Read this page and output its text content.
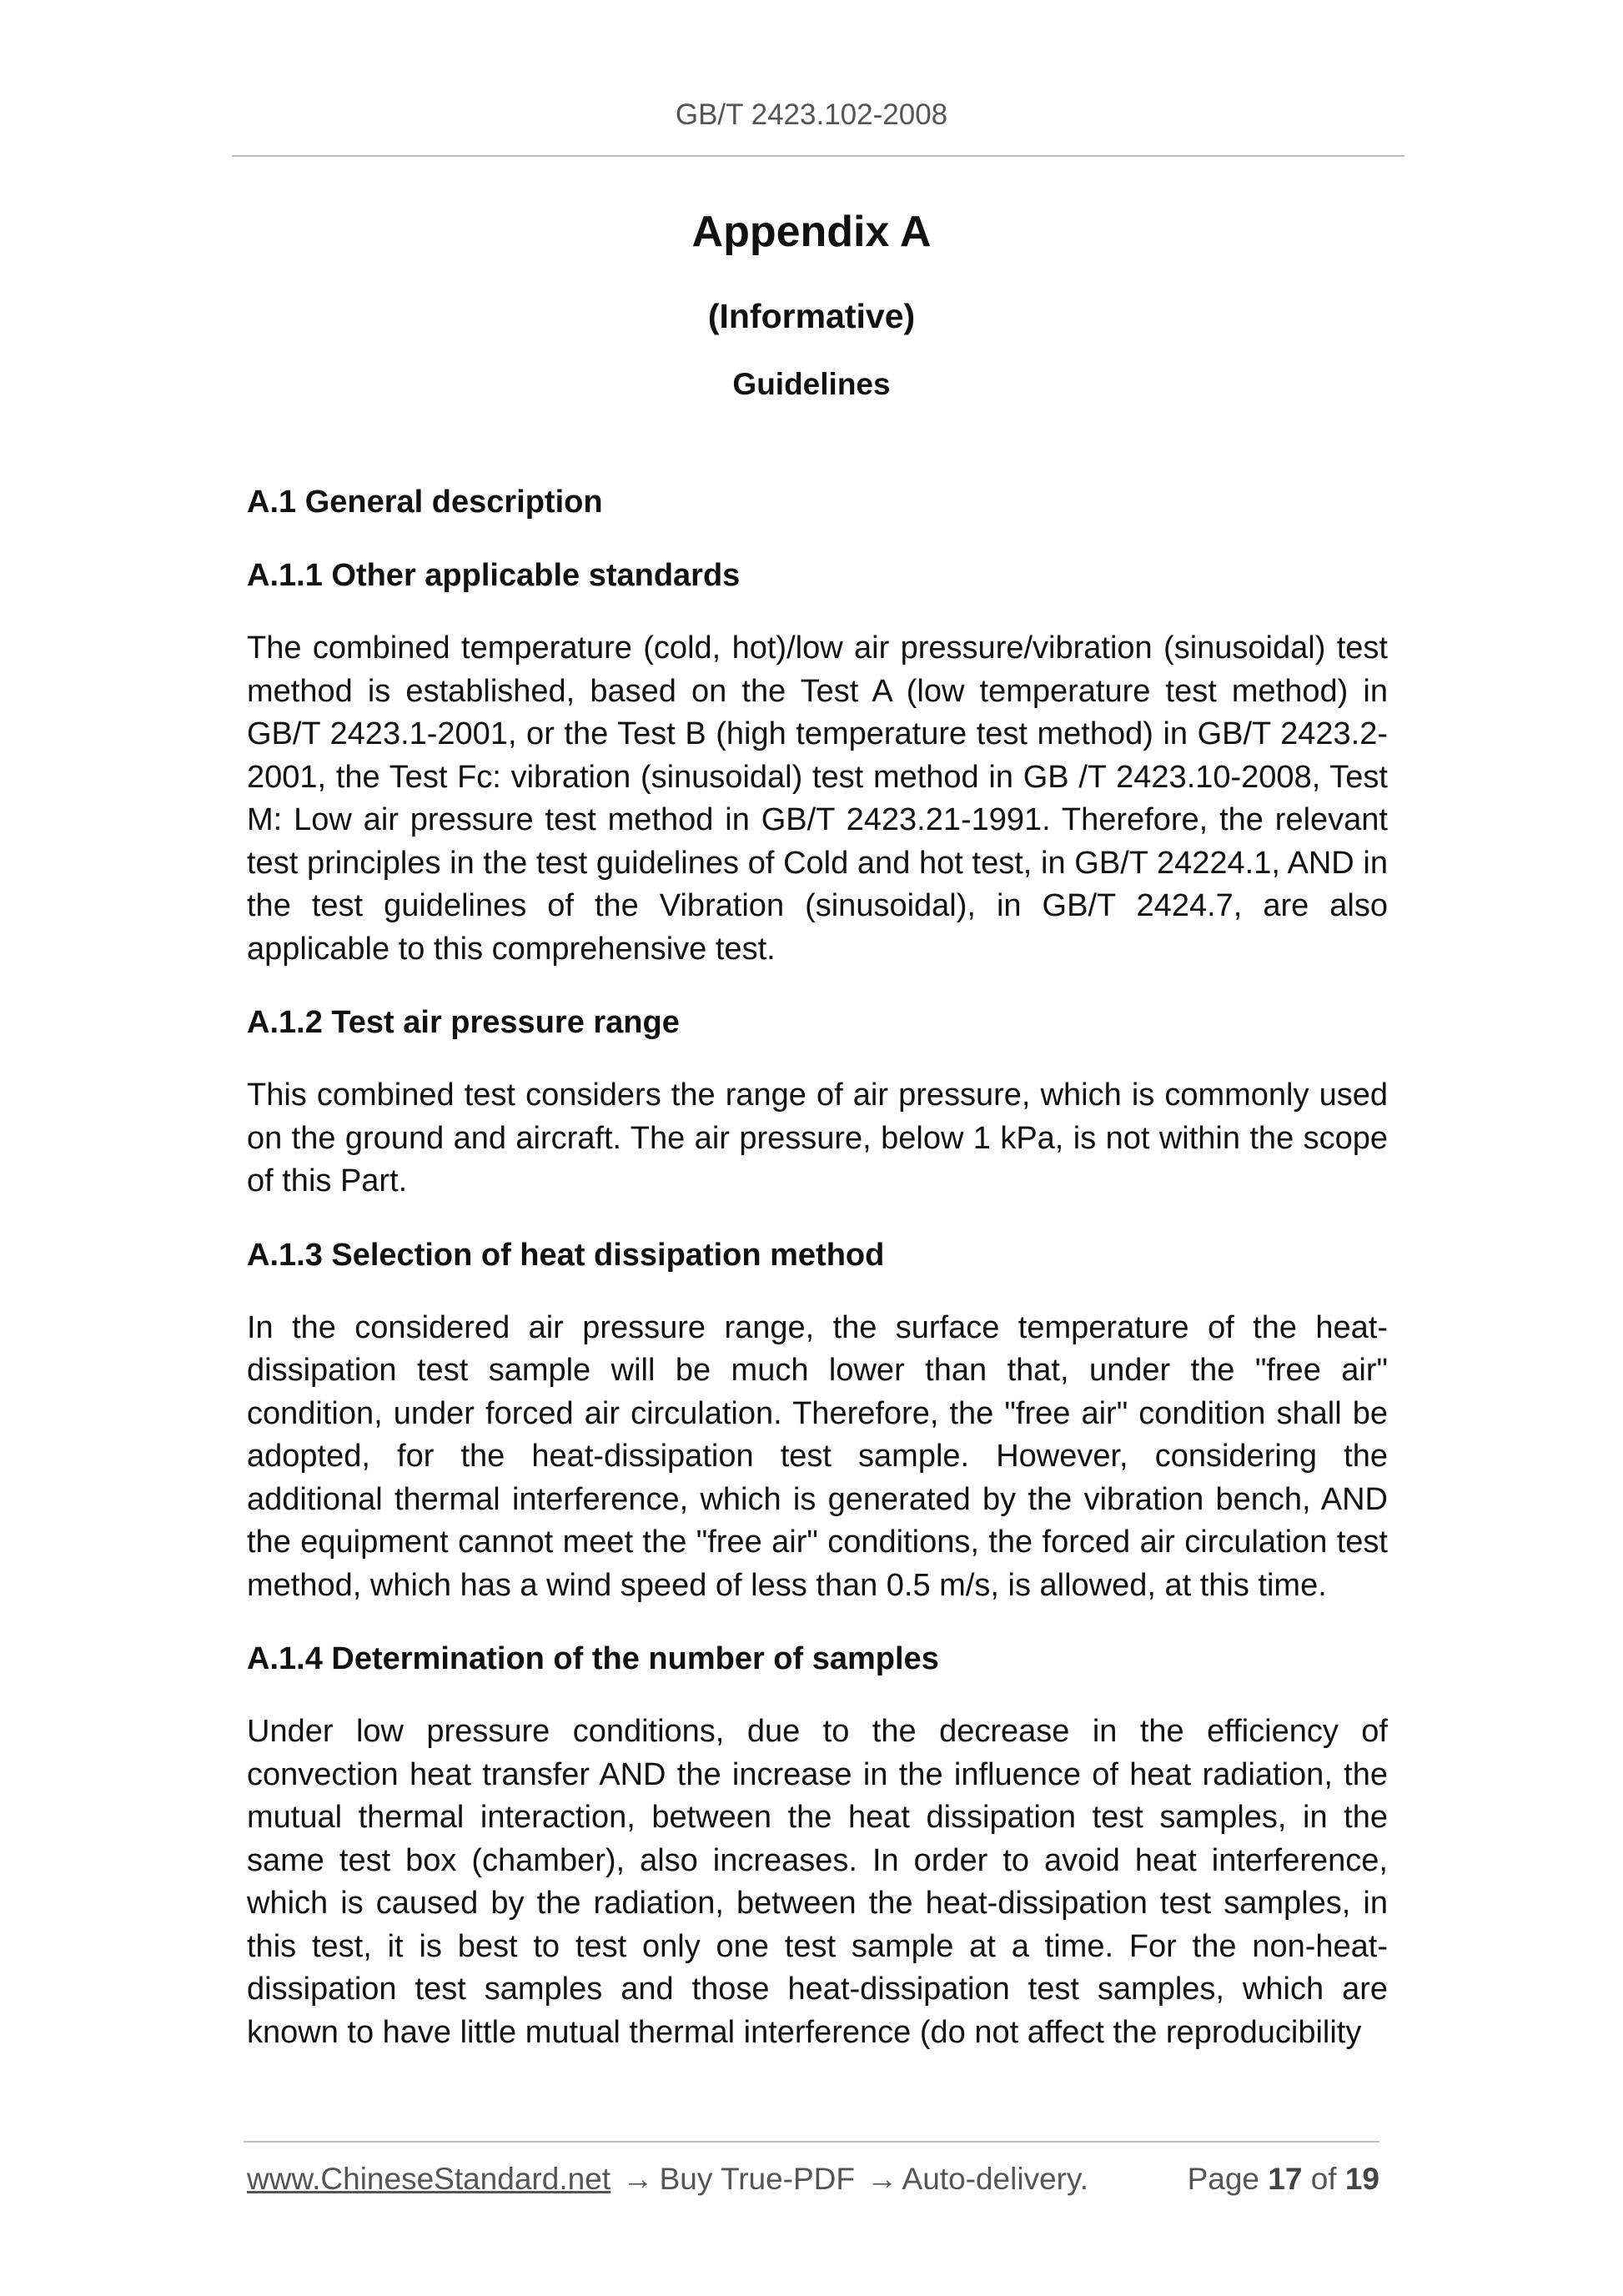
GB/T 2423.102-2008
Appendix A
(Informative)
Guidelines
A.1 General description
A.1.1 Other applicable standards

The combined temperature (cold, hot)/low air pressure/vibration (sinusoidal) test method is established, based on the Test A (low temperature test method) in GB/T 2423.1-2001, or the Test B (high temperature test method) in GB/T 2423.2-2001, the Test Fc: vibration (sinusoidal) test method in GB /T 2423.10-2008, Test M: Low air pressure test method in GB/T 2423.21-1991. Therefore, the relevant test principles in the test guidelines of Cold and hot test, in GB/T 24224.1, AND in the test guidelines of the Vibration (sinusoidal), in GB/T 2424.7, are also applicable to this comprehensive test.

A.1.2 Test air pressure range

This combined test considers the range of air pressure, which is commonly used on the ground and aircraft. The air pressure, below 1 kPa, is not within the scope of this Part.

A.1.3 Selection of heat dissipation method

In the considered air pressure range, the surface temperature of the heat-dissipation test sample will be much lower than that, under the "free air" condition, under forced air circulation. Therefore, the "free air" condition shall be adopted, for the heat-dissipation test sample. However, considering the additional thermal interference, which is generated by the vibration bench, AND the equipment cannot meet the "free air" conditions, the forced air circulation test method, which has a wind speed of less than 0.5 m/s, is allowed, at this time.

A.1.4 Determination of the number of samples

Under low pressure conditions, due to the decrease in the efficiency of convection heat transfer AND the increase in the influence of heat radiation, the mutual thermal interaction, between the heat dissipation test samples, in the same test box (chamber), also increases. In order to avoid heat interference, which is caused by the radiation, between the heat-dissipation test samples, in this test, it is best to test only one test sample at a time. For the non-heat-dissipation test samples and those heat-dissipation test samples, which are known to have little mutual thermal interference (do not affect the reproducibility

www.ChineseStandard.net → Buy True-PDF → Auto-delivery.	Page 17 of 19
